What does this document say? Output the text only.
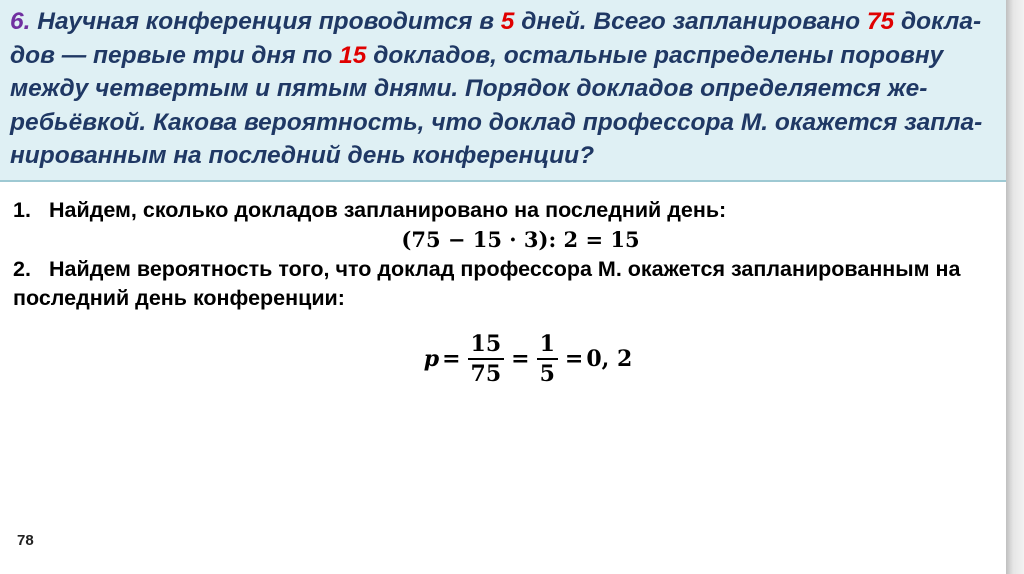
6. Научная конференция проводится в 5 дней. Всего запланировано 75 докла-дов — первые три дня по 15 докладов, остальные распределены поровну между четвертым и пятым днями. Порядок докладов определяется же-ребьёвкой. Какова вероятность, что доклад профессора М. окажется запла-нированным на последний день конференции?

1. Найдем, сколько докладов запланировано на последний день:
(75 − 15 · 3): 2 = 15
2. Найдем вероятность того, что доклад профессора М. окажется запланированным на последний день конференции:
$p = \frac{15}{75} = \frac{1}{5} = 0$, 2
78
